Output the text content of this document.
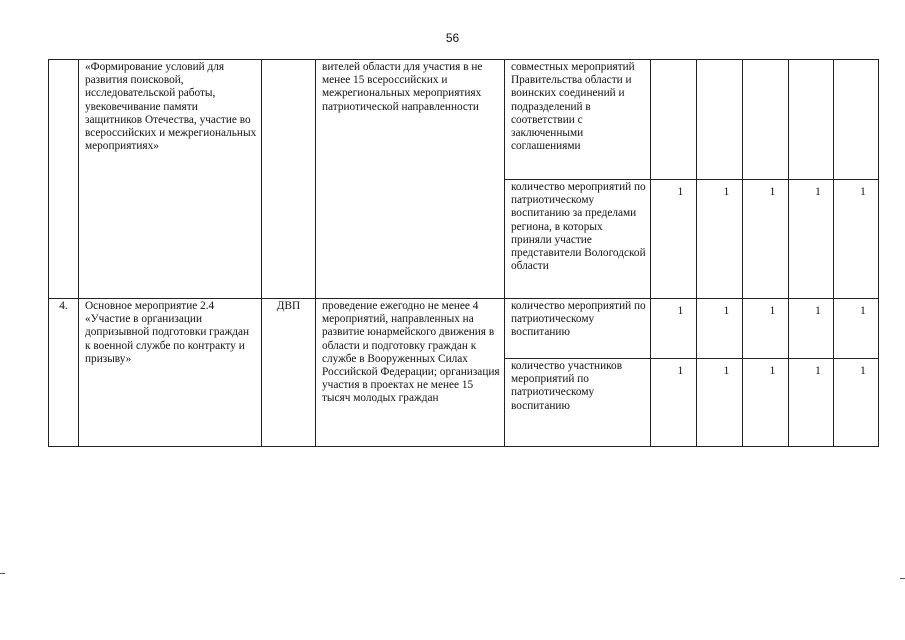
56
	«Формирование условий для развития поисковой, исследовательской работы, увековечивание памяти защитников Отечества, участие во всероссийских и межрегиональных мероприятиях»		вителей области для участия в не менее 15 всероссийских и межрегиональных мероприятиях патриотической направленности	совместных мероприятий Правительства области и воинских соединений и подразделений в соответствии с заключенными соглашениями					
				количество мероприятий по патриотическому воспитанию за пределами региона, в которых приняли участие представители Вологодской области	1	1	1	1	1
4.	Основное мероприятие 2.4 «Участие в организации допризывной подготовки граждан к военной службе по контракту и призыву»	ДВП	проведение ежегодно не менее 4 мероприятий, направленных на развитие юнармейского движения в области и подготовку граждан к службе в Вооруженных Силах Российской Федерации; организация участия в проектах не менее 15 тысяч молодых граждан	количество мероприятий по патриотическому воспитанию	1	1	1	1	1
				количество участников мероприятий по патриотическому воспитанию	1	1	1	1	1
